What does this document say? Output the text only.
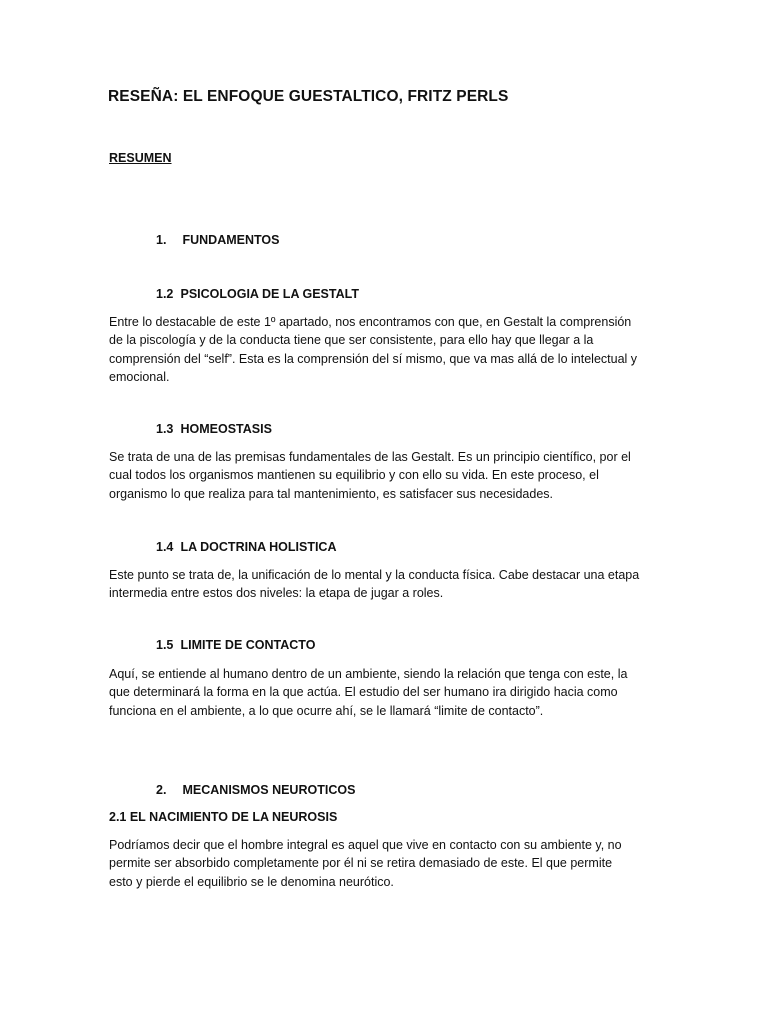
RESEÑA: EL ENFOQUE GUESTALTICO, FRITZ PERLS
RESUMEN
1. FUNDAMENTOS
1.2 PSICOLOGIA DE LA GESTALT
Entre lo destacable de este 1º apartado, nos encontramos con que, en Gestalt la comprensión
de la piscología y de la conducta tiene que ser consistente, para ello hay que llegar a la
comprensión del “self”. Esta es la comprensión del sí mismo, que va mas allá de lo intelectual y
emocional.
1.3 HOMEOSTASIS
Se trata de una de las premisas fundamentales de las Gestalt. Es un principio científico, por el
cual todos los organismos mantienen su equilibrio y con ello su vida. En este proceso, el
organismo lo que realiza para tal mantenimiento, es satisfacer sus necesidades.
1.4 LA DOCTRINA HOLISTICA
Este punto se trata de, la unificación de lo mental y la conducta física. Cabe destacar una etapa
intermedia entre estos dos niveles: la etapa de jugar a roles.
1.5 LIMITE DE CONTACTO
Aquí, se entiende al humano dentro de un ambiente, siendo la relación que tenga con este, la
que determinará la forma en la que actúa. El estudio del ser humano ira dirigido hacia como
funciona en el ambiente, a lo que ocurre ahí, se le llamará “limite de contacto”.
2. MECANISMOS NEUROTICOS
2.1 EL NACIMIENTO DE LA NEUROSIS
Podríamos decir que el hombre integral es aquel que vive en contacto con su ambiente y, no
permite ser absorbido completamente por él ni se retira demasiado de este. El que permite
esto y pierde el equilibrio se le denomina neurótico.
